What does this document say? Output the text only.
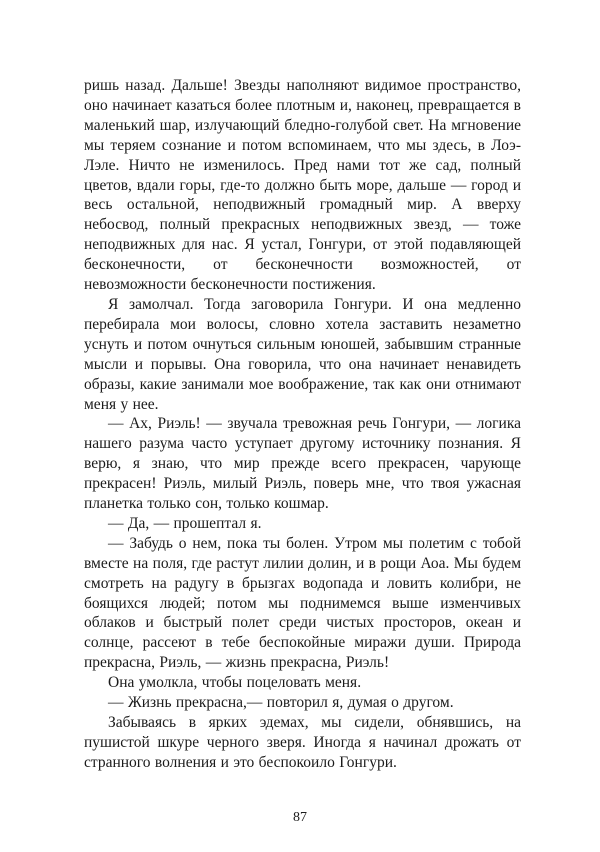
ришь назад. Дальше! Звезды наполняют видимое пространство, оно начинает казаться более плотным и, наконец, превращается в маленький шар, излучающий бледно-голубой свет. На мгновение мы теряем сознание и потом вспоминаем, что мы здесь, в Лоэ-Лэле. Ничто не изменилось. Пред нами тот же сад, полный цветов, вдали горы, где-то должно быть море, дальше — город и весь остальной, неподвижный громадный мир. А вверху небосвод, полный прекрасных неподвижных звезд, — тоже неподвижных для нас. Я устал, Гонгури, от этой подавляющей бесконечности, от бесконечности возможностей, от невозможности бесконечности постижения.

Я замолчал. Тогда заговорила Гонгури. И она медленно перебирала мои волосы, словно хотела заставить незаметно уснуть и потом очнуться сильным юношей, забывшим странные мысли и порывы. Она говорила, что она начинает ненавидеть образы, какие занимали мое воображение, так как они отнимают меня у нее.

— Ах, Риэль! — звучала тревожная речь Гонгури, — логика нашего разума часто уступает другому источнику познания. Я верю, я знаю, что мир прежде всего прекрасен, чарующе прекрасен! Риэль, милый Риэль, поверь мне, что твоя ужасная планетка только сон, только кошмар.

— Да, — прошептал я.

— Забудь о нем, пока ты болен. Утром мы полетим с тобой вместе на поля, где растут лилии долин, и в рощи Аоа. Мы будем смотреть на радугу в брызгах водопада и ловить колибри, не боящихся людей; потом мы поднимемся выше изменчивых облаков и быстрый полет среди чистых просторов, океан и солнце, рассеют в тебе беспокойные миражи души. Природа прекрасна, Риэль, — жизнь прекрасна, Риэль!

Она умолкла, чтобы поцеловать меня.

— Жизнь прекрасна,— повторил я, думая о другом.

Забываясь в ярких эдемах, мы сидели, обнявшись, на пушистой шкуре черного зверя. Иногда я начинал дрожать от странного волнения и это беспокоило Гонгури.

87
